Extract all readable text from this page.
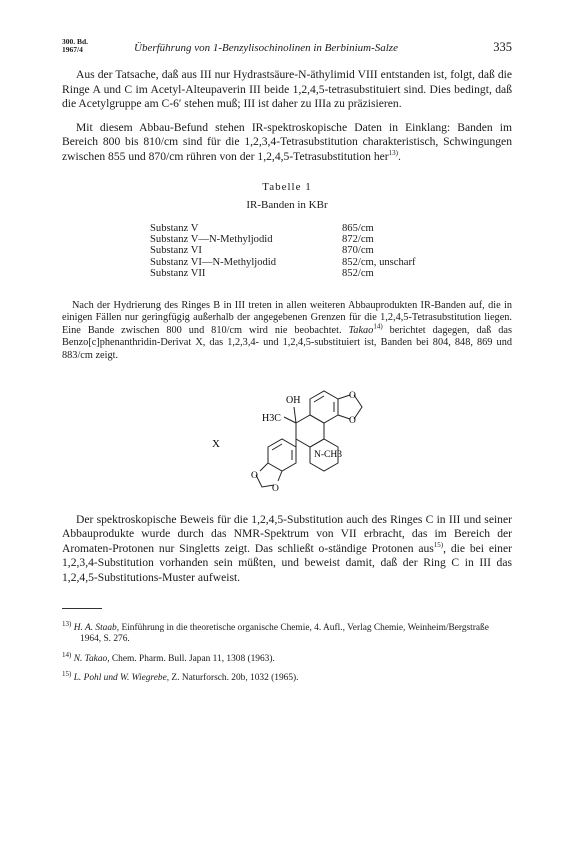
300. Bd.
1967/4	Überführung von 1-Benzylisochinolinen in Berbinium-Salze	335

Aus der Tatsache, daß aus III nur Hydrastsäure-N-äthylimid VIII entstanden ist, folgt, daß die Ringe A und C im Acetyl-Alteupaverin III beide 1,2,4,5-tetrasubstituiert sind. Dies bedingt, daß die Acetylgruppe am C-6′ stehen muß; III ist daher zu IIIa zu präzisieren.

Mit diesem Abbau-Befund stehen IR-spektroskopische Daten in Einklang: Banden im Bereich 800 bis 810/cm sind für die 1,2,3,4-Tetrasubstitution charakteristisch, Schwingungen zwischen 855 und 870/cm rühren von der 1,2,4,5-Tetrasubstitution her$^{13)}$.

Tabelle 1
IR-Banden in KBr
Substanz V	865/cm
Substanz V—N-Methyljodid	872/cm
Substanz VI	870/cm
Substanz VI—N-Methyljodid	852/cm, unscharf
Substanz VII	852/cm

Nach der Hydrierung des Ringes B in III treten in allen weiteren Abbauprodukten IR-Banden auf, die in einigen Fällen nur geringfügig außerhalb der angegebenen Grenzen für die 1,2,4,5-Tetrasubstitution liegen. Eine Bande zwischen 800 und 810/cm wird nie beobachtet. Takao$^{14)}$ berichtet dagegen, daß das Benzo[c]phenanthridin-Derivat X, das 1,2,3,4- und 1,2,4,5-substituiert ist, Banden bei 804, 848, 869 und 883/cm zeigt.

OH
H3C
N-CH3
O
O
O
O
X

Der spektroskopische Beweis für die 1,2,4,5-Substitution auch des Ringes C in III und seiner Abbauprodukte wurde durch das NMR-Spektrum von VII erbracht, das im Bereich der Aromaten-Protonen nur Singletts zeigt. Das schließt o-ständige Protonen aus$^{15)}$, die bei einer 1,2,3,4-Substitution vorhanden sein müßten, und beweist damit, daß der Ring C in III das 1,2,4,5-Substitutions-Muster aufweist.

$^{13)}$ H. A. Staab, Einführung in die theoretische organische Chemie, 4. Aufl., Verlag Chemie, Weinheim/Bergstraße 1964, S. 276.

$^{14)}$ N. Takao, Chem. Pharm. Bull. Japan 11, 1308 (1963).

$^{15)}$ L. Pohl und W. Wiegrebe, Z. Naturforsch. 20b, 1032 (1965).
